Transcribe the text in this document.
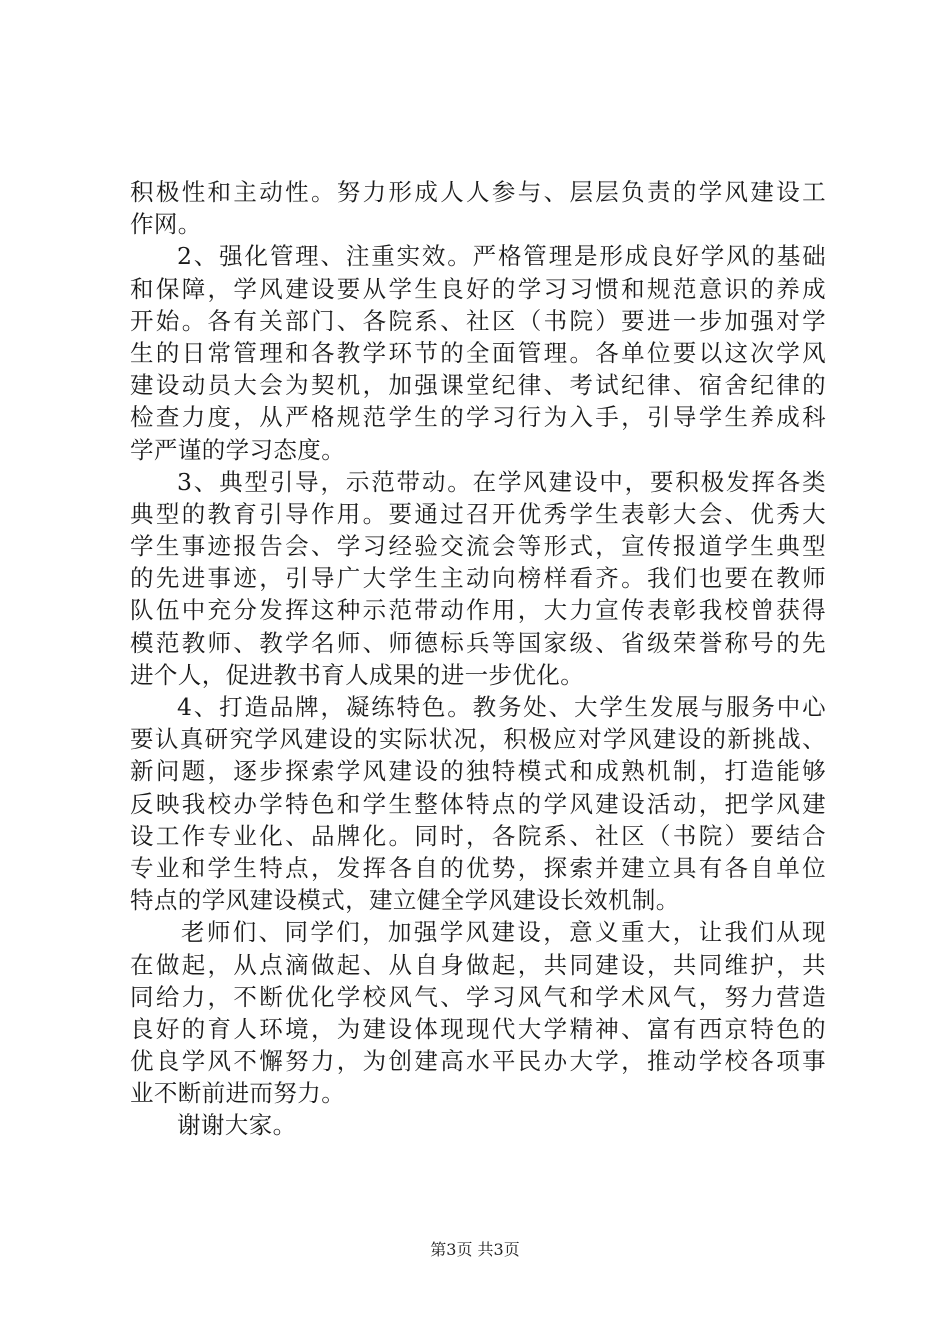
积极性和主动性。努力形成人人参与、层层负责的学风建设工
作网。
2、强化管理、注重实效。严格管理是形成良好学风的基础
和保障，学风建设要从学生良好的学习习惯和规范意识的养成
开始。各有关部门、各院系、社区（书院）要进一步加强对学
生的日常管理和各教学环节的全面管理。各单位要以这次学风
建设动员大会为契机，加强课堂纪律、考试纪律、宿舍纪律的
检查力度，从严格规范学生的学习行为入手，引导学生养成科
学严谨的学习态度。
3、典型引导，示范带动。在学风建设中，要积极发挥各类
典型的教育引导作用。要通过召开优秀学生表彰大会、优秀大
学生事迹报告会、学习经验交流会等形式，宣传报道学生典型
的先进事迹，引导广大学生主动向榜样看齐。我们也要在教师
队伍中充分发挥这种示范带动作用，大力宣传表彰我校曾获得
模范教师、教学名师、师德标兵等国家级、省级荣誉称号的先
进个人，促进教书育人成果的进一步优化。
4、打造品牌，凝练特色。教务处、大学生发展与服务中心
要认真研究学风建设的实际状况，积极应对学风建设的新挑战、
新问题，逐步探索学风建设的独特模式和成熟机制，打造能够
反映我校办学特色和学生整体特点的学风建设活动，把学风建
设工作专业化、品牌化。同时，各院系、社区（书院）要结合
专业和学生特点，发挥各自的优势，探索并建立具有各自单位
特点的学风建设模式，建立健全学风建设长效机制。
老师们、同学们，加强学风建设，意义重大，让我们从现
在做起，从点滴做起、从自身做起，共同建设，共同维护，共
同给力，不断优化学校风气、学习风气和学术风气，努力营造
良好的育人环境，为建设体现现代大学精神、富有西京特色的
优良学风不懈努力，为创建高水平民办大学，推动学校各项事
业不断前进而努力。
谢谢大家。
第3页 共3页
